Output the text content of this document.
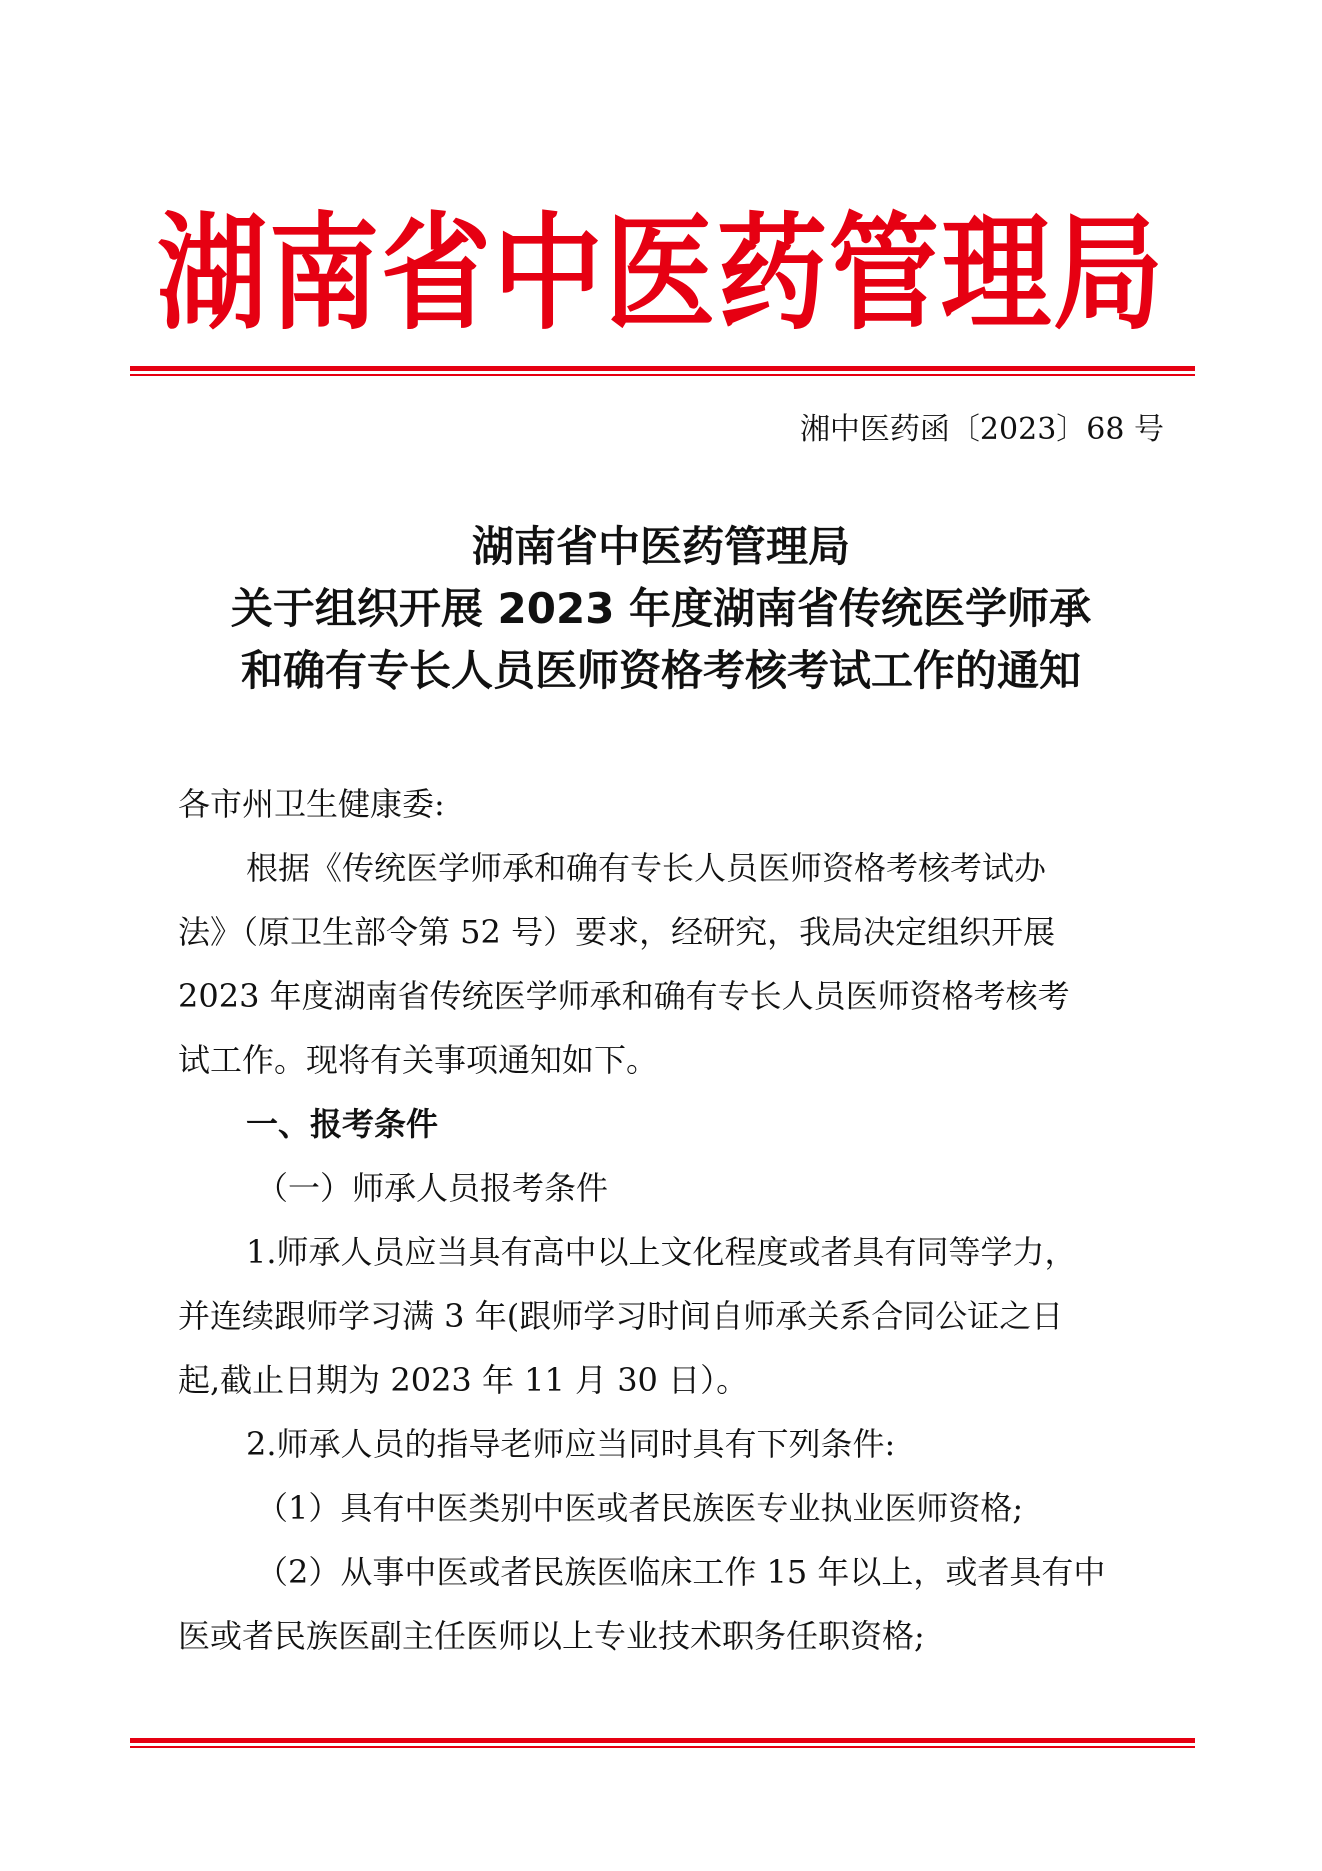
湖南省中医药管理局
湘中医药函〔2023〕68 号
湖南省中医药管理局
关于组织开展 2023 年度湖南省传统医学师承
和确有专长人员医师资格考核考试工作的通知
各市州卫生健康委:
根据《传统医学师承和确有专长人员医师资格考核考试办
法》（原卫生部令第 52 号）要求，经研究，我局决定组织开展
2023 年度湖南省传统医学师承和确有专长人员医师资格考核考
试工作。现将有关事项通知如下。
一、报考条件
（一）师承人员报考条件
1.师承人员应当具有高中以上文化程度或者具有同等学力，
并连续跟师学习满 3 年(跟师学习时间自师承关系合同公证之日
起,截止日期为 2023 年 11 月 30 日）。
2.师承人员的指导老师应当同时具有下列条件:
（1）具有中医类别中医或者民族医专业执业医师资格;
（2）从事中医或者民族医临床工作 15 年以上，或者具有中
医或者民族医副主任医师以上专业技术职务任职资格;
